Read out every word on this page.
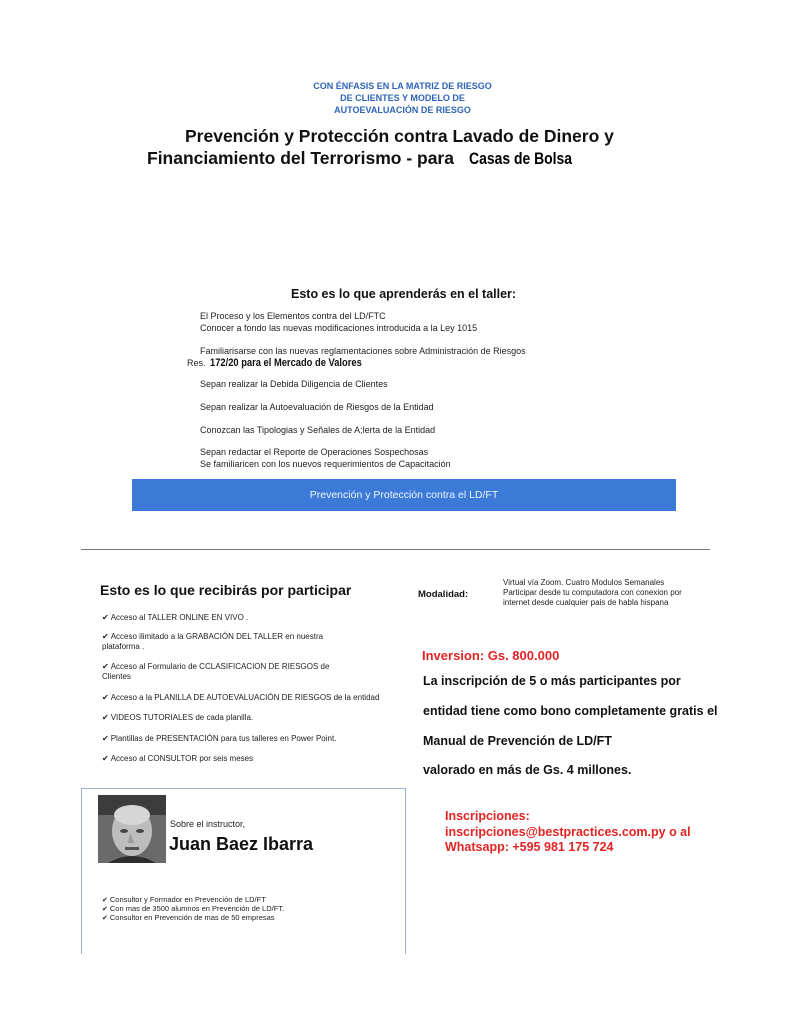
CON ÉNFASIS EN LA MATRIZ DE RIESGO
DE CLIENTES Y MODELO DE
AUTOEVALUACIÓN DE RIESGO
Prevención y Protección contra Lavado de Dinero y
Financiamiento del Terrorismo - para Casas de Bolsa
Esto es lo que aprenderás en el taller:
El Proceso y los Elementos contra del LD/FTC
Conocer a fondo las nuevas modificaciones introducida a la Ley 1015
Familiarisarse con las nuevas reglamentaciones sobre Administración de Riesgos
Res. 172/20 para el Mercado de Valores
Sepan realizar la Debida Diligencia de Clientes
Sepan realizar la Autoevaluación de Riesgos de la Entidad
Conozcan las Tipologias y Señales de A;lerta de la Entidad
Sepan redactar el Reporte de Operaciones Sospechosas
Se familiaricen con los nuevos requerimientos de Capacitación
Prevención y Protección contra el LD/FT
Esto es lo que recibirás por participar
✔ Acceso al TALLER ONLINE EN VIVO .
✔ Acceso ilimitado a la GRABACIÓN DEL TALLER en nuestra plataforma .
✔ Acceso al Formulario de CCLASIFICACION DE RIESGOS de Clientes
✔ Acceso a la PLANILLA DE AUTOEVALUACIÓN DE RIESGOS de la entidad
✔ VIDEOS TUTORIALES de cada planilla.
✔ Plantillas de PRESENTACIÓN para tus talleres en Power Point.
✔ Acceso al CONSULTOR por seis meses
Modalidad:
Virtual vía Zoom. Cuatro Modulos Semanales
Participar desde tu computadora con conexion por
internet desde cualquier pais de habla hispana
Inversion: Gs. 800.000
La inscripción de 5 o más participantes por
entidad tiene como bono completamente gratis el
Manual de Prevención de LD/FT
valorado en más de Gs. 4 millones.
Sobre el instructor,
Juan Baez Ibarra
✔ Consultor y Formador en Prevención de LD/FT
✔ Con mas de 3500 alumnos en Prevención de LD/FT.
✔ Consultor en Prevención de mas de 50 empresas
Inscripciones:
inscripciones@bestpractices.com.py o al
Whatsapp: +595 981 175 724
